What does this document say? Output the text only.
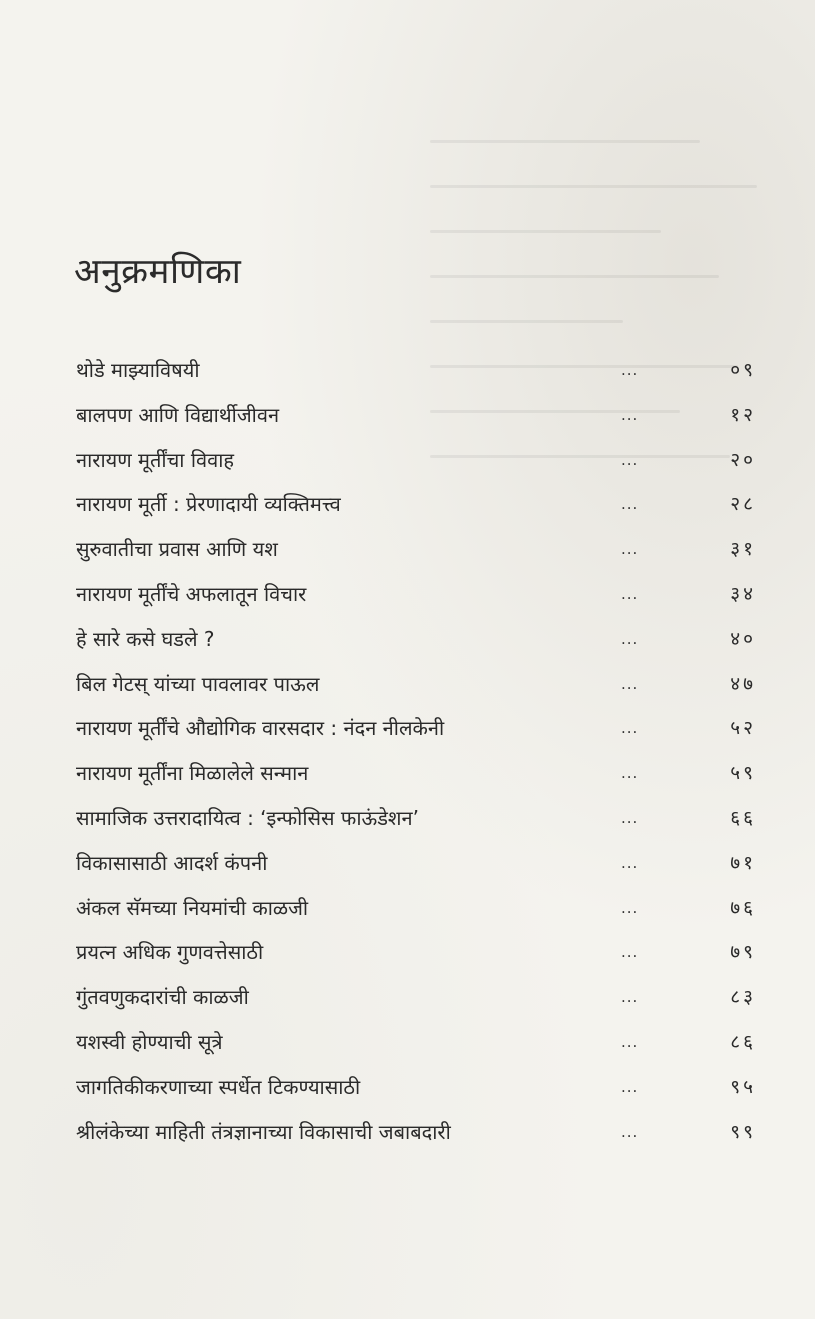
अनुक्रमणिका
थोडे माझ्याविषयी	...	०९
बालपण आणि विद्यार्थीजीवन	...	१२
नारायण मूर्तींचा विवाह	...	२०
नारायण मूर्ती : प्रेरणादायी व्यक्तिमत्त्व	...	२८
सुरुवातीचा प्रवास आणि यश	...	३१
नारायण मूर्तींचे अफलातून विचार	...	३४
हे सारे कसे घडले ?	...	४०
बिल गेटस् यांच्या पावलावर पाऊल	...	४७
नारायण मूर्तींचे औद्योगिक वारसदार : नंदन नीलकेनी	...	५२
नारायण मूर्तींना मिळालेले सन्मान	...	५९
सामाजिक उत्तरादायित्व : ‘इन्फोसिस फाऊंडेशन’	...	६६
विकासासाठी आदर्श कंपनी	...	७१
अंकल सॅमच्या नियमांची काळजी	...	७६
प्रयत्न अधिक गुणवत्तेसाठी	...	७९
गुंतवणुकदारांची काळजी	...	८३
यशस्वी होण्याची सूत्रे	...	८६
जागतिकीकरणाच्या स्पर्धेत टिकण्यासाठी	...	९५
श्रीलंकेच्या माहिती तंत्रज्ञानाच्या विकासाची जबाबदारी	...	९९
